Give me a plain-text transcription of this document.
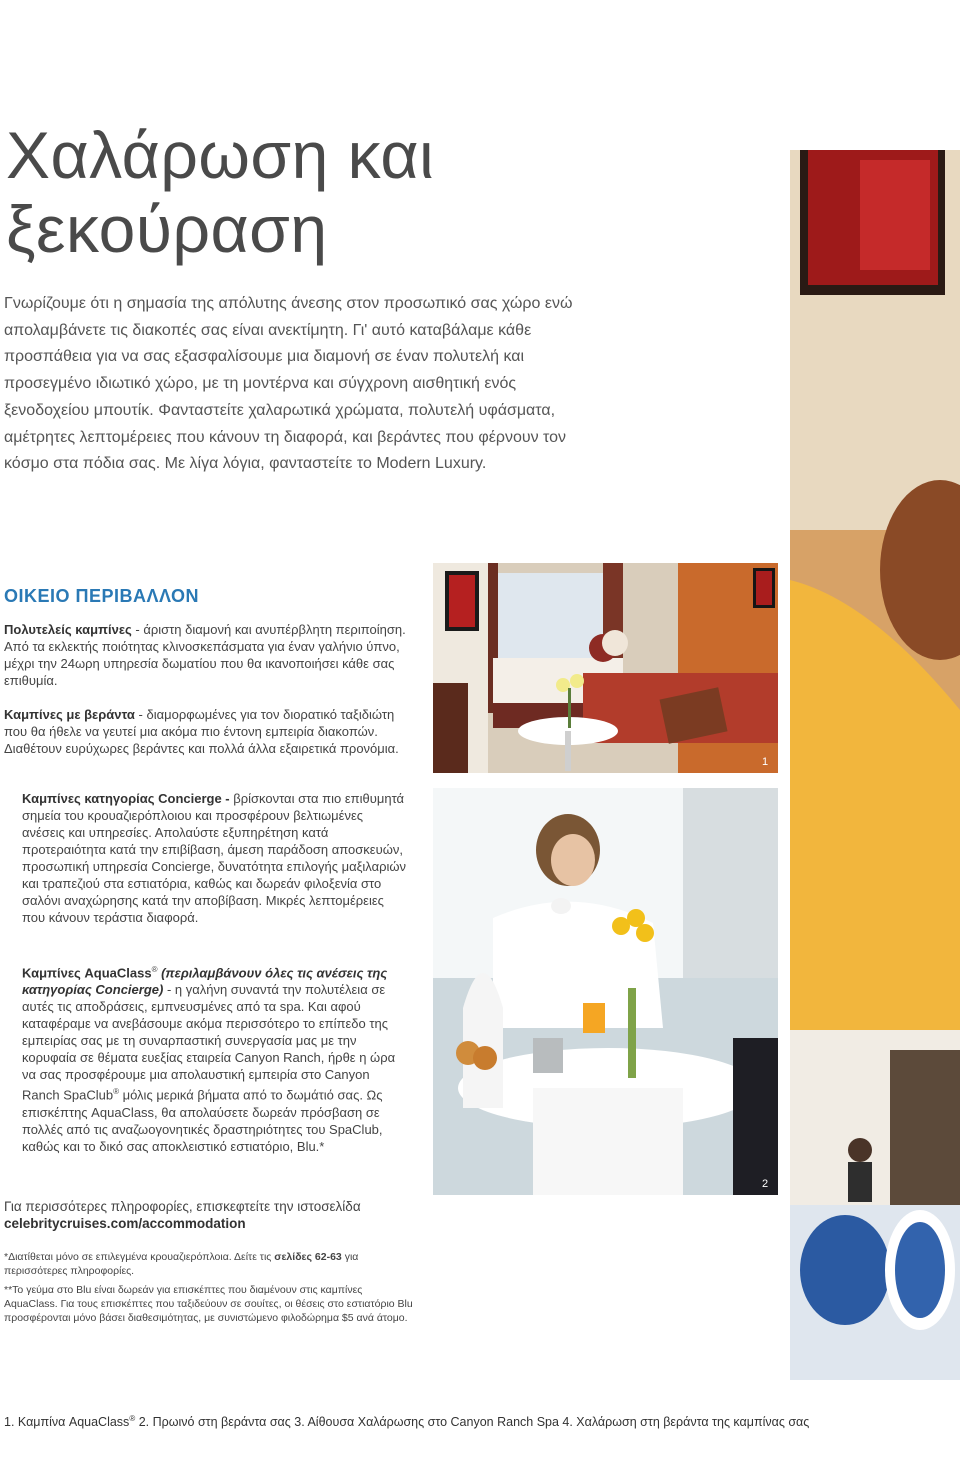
Χαλάρωση και
ξεκούραση

Γνωρίζουμε ότι η σημασία της απόλυτης άνεσης στον προσωπικό σας χώρο ενώ απολαμβάνετε τις διακοπές σας είναι ανεκτίμητη. Γι' αυτό καταβάλαμε κάθε προσπάθεια για να σας εξασφαλίσουμε μια διαμονή σε έναν πολυτελή και προσεγμένο ιδιωτικό χώρο, με τη μοντέρνα και σύγχρονη αισθητική ενός ξενοδοχείου μπουτίκ. Φανταστείτε χαλαρωτικά χρώματα, πολυτελή υφάσματα, αμέτρητες λεπτομέρειες που κάνουν τη διαφορά, και βεράντες που φέρνουν τον κόσμο στα πόδια σας. Με λίγα λόγια, φανταστείτε το Modern Luxury.

ΟΙΚΕΙΟ ΠΕΡΙΒΑΛΛΟΝ

Πολυτελείς καμπίνες - άριστη διαμονή και ανυπέρβλητη περιποίηση. Από τα εκλεκτής ποιότητας κλινοσκεπάσματα για έναν γαλήνιο ύπνο, μέχρι την 24ωρη υπηρεσία δωματίου που θα ικανοποιήσει κάθε σας επιθυμία.

Καμπίνες με βεράντα - διαμορφωμένες για τον διορατικό ταξιδιώτη που θα ήθελε να γευτεί μια ακόμα πιο έντονη εμπειρία διακοπών. Διαθέτουν ευρύχωρες βεράντες και πολλά άλλα εξαιρετικά προνόμια.

Καμπίνες κατηγορίας Concierge - βρίσκονται στα πιο επιθυμητά σημεία του κρουαζιερόπλοιου και προσφέρουν βελτιωμένες ανέσεις και υπηρεσίες. Απολαύστε εξυπηρέτηση κατά προτεραιότητα κατά την επιβίβαση, άμεση παράδοση αποσκευών, προσωπική υπηρεσία Concierge, δυνατότητα επιλογής μαξιλαριών και τραπεζιού στα εστιατόρια, καθώς και δωρεάν φιλοξενία στο σαλόνι αναχώρησης κατά την αποβίβαση. Μικρές λεπτομέρειες που κάνουν τεράστια διαφορά.

Καμπίνες AquaClass® (περιλαμβάνουν όλες τις ανέσεις της κατηγορίας Concierge) - η γαλήνη συναντά την πολυτέλεια σε αυτές τις αποδράσεις, εμπνευσμένες από τα spa. Και αφού καταφέραμε να ανεβάσουμε ακόμα περισσότερο το επίπεδο της εμπειρίας σας με τη συναρπαστική συνεργασία μας με την κορυφαία σε θέματα ευεξίας εταιρεία Canyon Ranch, ήρθε η ώρα να σας προσφέρουμε μια απολαυστική εμπειρία στο Canyon Ranch SpaClub® μόλις μερικά βήματα από το δωμάτιό σας. Ως επισκέπτης AquaClass, θα απολαύσετε δωρεάν πρόσβαση σε πολλές από τις αναζωογονητικές δραστηριότητες του SpaClub, καθώς και το δικό σας αποκλειστικό εστιατόριο, Blu.*

Για περισσότερες πληροφορίες, επισκεφτείτε την ιστοσελίδα celebritycruises.com/accommodation

*Διατίθεται μόνο σε επιλεγμένα κρουαζιερόπλοια. Δείτε τις σελίδες 62-63 για περισσότερες πληροφορίες.

**Το γεύμα στο Blu είναι δωρεάν για επισκέπτες που διαμένουν στις καμπίνες AquaClass. Για τους επισκέπτες που ταξιδεύουν σε σουίτες, οι θέσεις στο εστιατόριο Blu προσφέρονται μόνο βάσει διαθεσιμότητας, με συνιστώμενο φιλοδώρημα $5 ανά άτομο.

1. Καμπίνα AquaClass® 2. Πρωινό στη βεράντα σας 3. Αίθουσα Χαλάρωσης στο Canyon Ranch Spa 4. Χαλάρωση στη βεράντα της καμπίνας σας

1
2
